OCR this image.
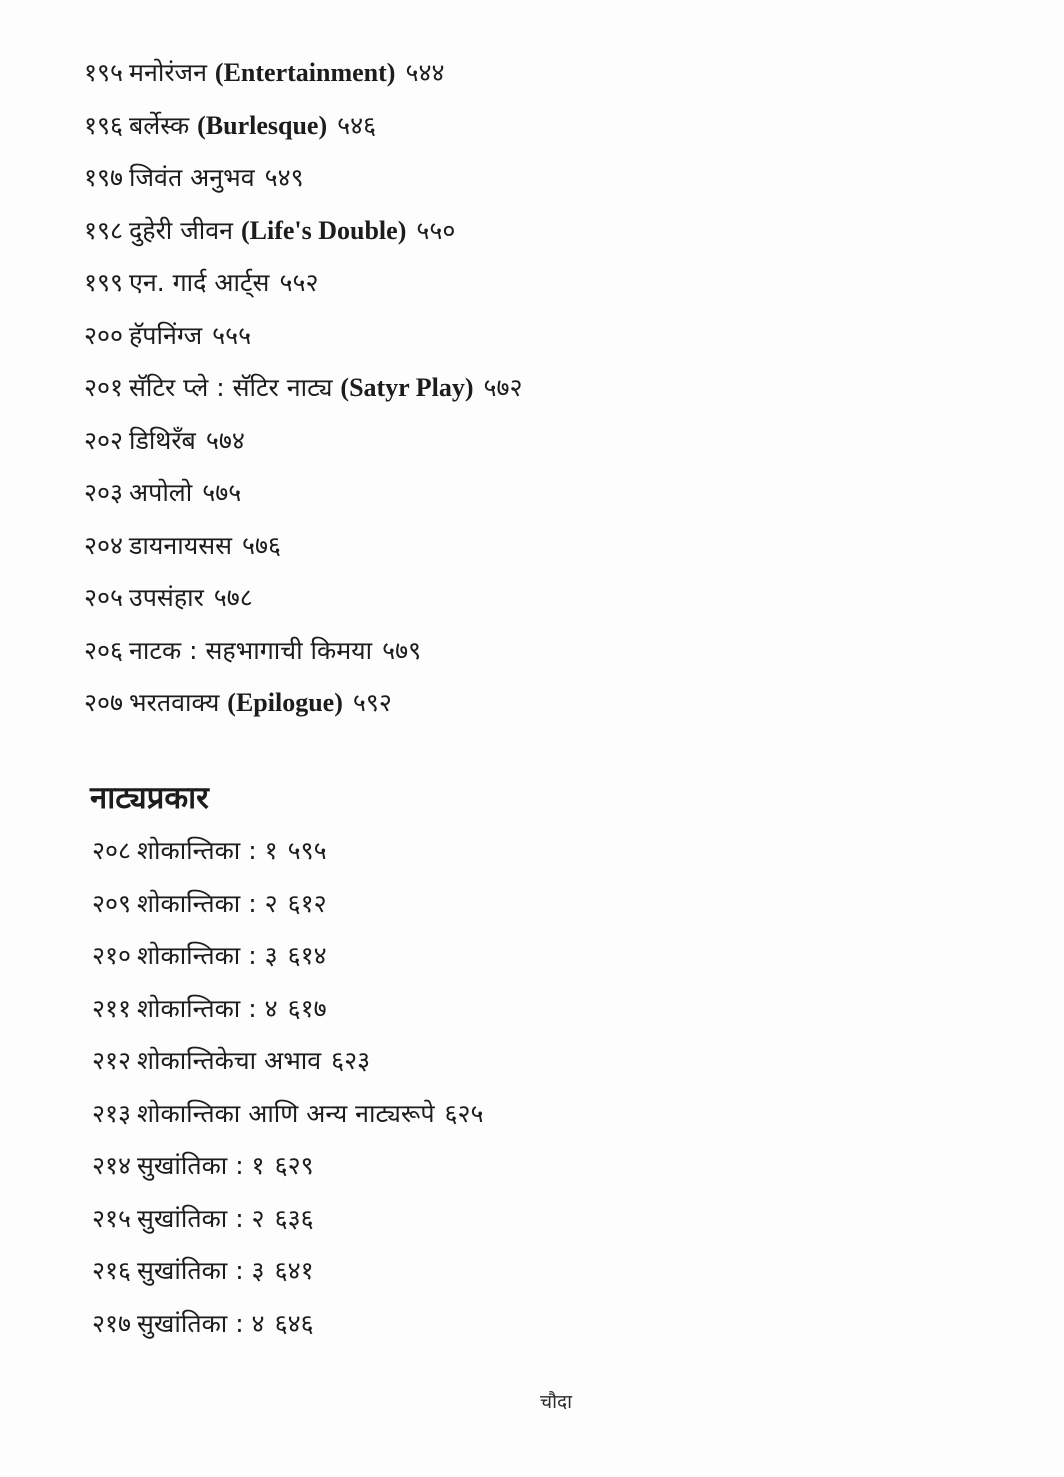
१९५ मनोरंजन (Entertainment) ५४४
१९६ बर्लेस्क (Burlesque) ५४६
१९७ जिवंत अनुभव ५४९
१९८ दुहेरी जीवन (Life's Double) ५५०
१९९ एन. गार्द आर्ट्स ५५२
२०० हॅपनिंग्ज ५५५
२०१ सॅटिर प्ले : सॅटिर नाट्य (Satyr Play) ५७२
२०२ डिथिरँब ५७४
२०३ अपोलो ५७५
२०४ डायनायसस ५७६
२०५ उपसंहार ५७८
२०६ नाटक : सहभागाची किमया ५७९
२०७ भरतवाक्य (Epilogue) ५९२
नाट्यप्रकार
२०८ शोकान्तिका : १ ५९५
२०९ शोकान्तिका : २ ६१२
२१० शोकान्तिका : ३ ६१४
२११ शोकान्तिका : ४ ६१७
२१२ शोकान्तिकेचा अभाव ६२३
२१३ शोकान्तिका आणि अन्य नाट्यरूपे ६२५
२१४ सुखांतिका : १ ६२९
२१५ सुखांतिका : २ ६३६
२१६ सुखांतिका : ३ ६४१
२१७ सुखांतिका : ४ ६४६
चौदा
